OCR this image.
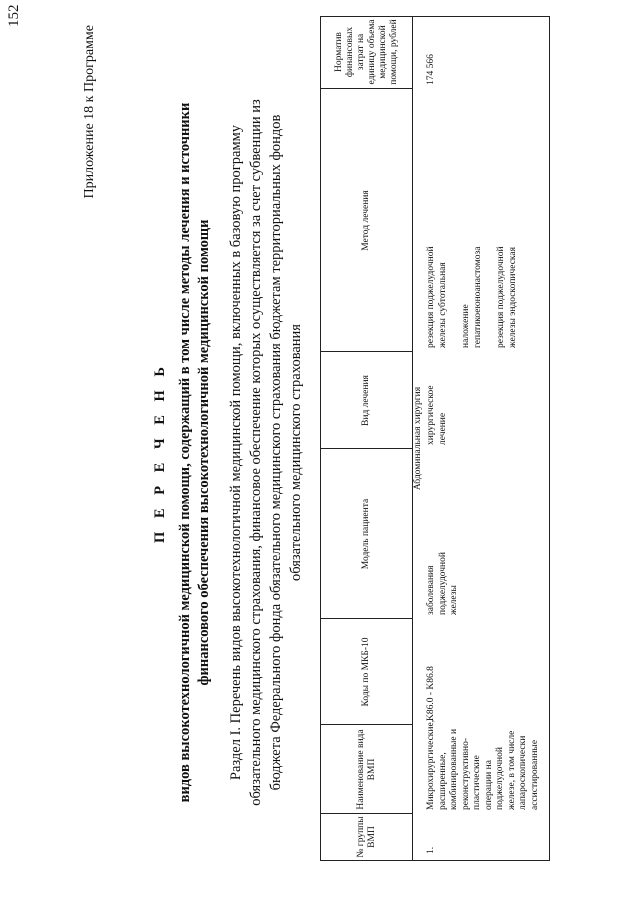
152
Приложение 18 к Программе
П Е Р Е Ч Е Н Ь видов высокотехнологичной медицинской помощи, содержащий в том числе методы лечения и источники финансового обеспечения высокотехнологичной медицинской помощи Раздел I. Перечень видов высокотехнологичной медицинской помощи, включенных в базовую программу обязательного медицинского страхования, финансовое обеспечение которых осуществляется за счет субвенции из бюджета Федерального фонда обязательного медицинского страхования бюджетам территориальных фондов обязательного медицинского страхования
№ группы ВМП
Наименование вида ВМП
Коды по МКБ-10
Модель пациента
Вид лечения
Метод лечения
Норматив финансовых затрат на единицу объема медицинской помощи, рублей
Абдоминальная хирургия
1.
Микрохирургические, расширенные, комбинированные и реконструктивно-пластические операции на поджелудочной железе, в том числе лапароскопически ассистированные
K86.0 - K86.8
заболевания поджелудочной железы
хирургическое лечение
резекция поджелудочной железы субтотальная наложение гепатикоеюноанастомоза резекция поджелудочной железы эндоскопическая
174 566
